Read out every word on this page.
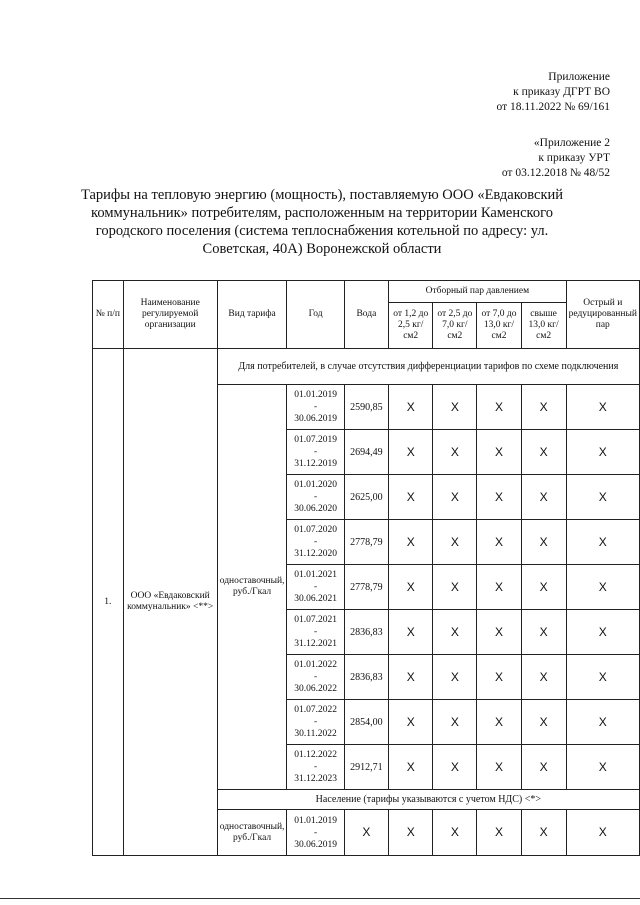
Приложение
к приказу ДГРТ ВО
от 18.11.2022 № 69/161
«Приложение 2
к приказу УРТ
от 03.12.2018 № 48/52
Тарифы на тепловую энергию (мощность), поставляемую ООО «Евдаковский коммунальник» потребителям, расположенным на территории Каменского городского поселения (система теплоснабжения котельной по адресу: ул. Советская, 40А) Воронежской области
№ п/п	Наименование регулируемой организации	Вид тарифа	Год	Вода	Отборный пар давлением				Острый и редуцированный пар
					от 1,2 до 2,5 кг/см2	от 2,5 до 7,0 кг/см2	от 7,0 до 13,0 кг/см2	свыше 13,0 кг/см2	
1.	ООО «Евдаковский коммунальник» <**>	Для потребителей, в случае отсутствия дифференциации тарифов по схеме подключения							
		одноставочный, руб./Гкал	01.01.2019
-
30.06.2019	2590,85	X	X	X	X	X
			01.07.2019
-
31.12.2019	2694,49	X	X	X	X	X
			01.01.2020
-
30.06.2020	2625,00	X	X	X	X	X
			01.07.2020
-
31.12.2020	2778,79	X	X	X	X	X
			01.01.2021
-
30.06.2021	2778,79	X	X	X	X	X
			01.07.2021
-
31.12.2021	2836,83	X	X	X	X	X
			01.01.2022
-
30.06.2022	2836,83	X	X	X	X	X
			01.07.2022
-
30.11.2022	2854,00	X	X	X	X	X
			01.12.2022
-
31.12.2023	2912,71	X	X	X	X	X
		Население (тарифы указываются с учетом НДС) <*>							
		одноставочный, руб./Гкал	01.01.2019
-
30.06.2019	X	X	X	X	X	X
